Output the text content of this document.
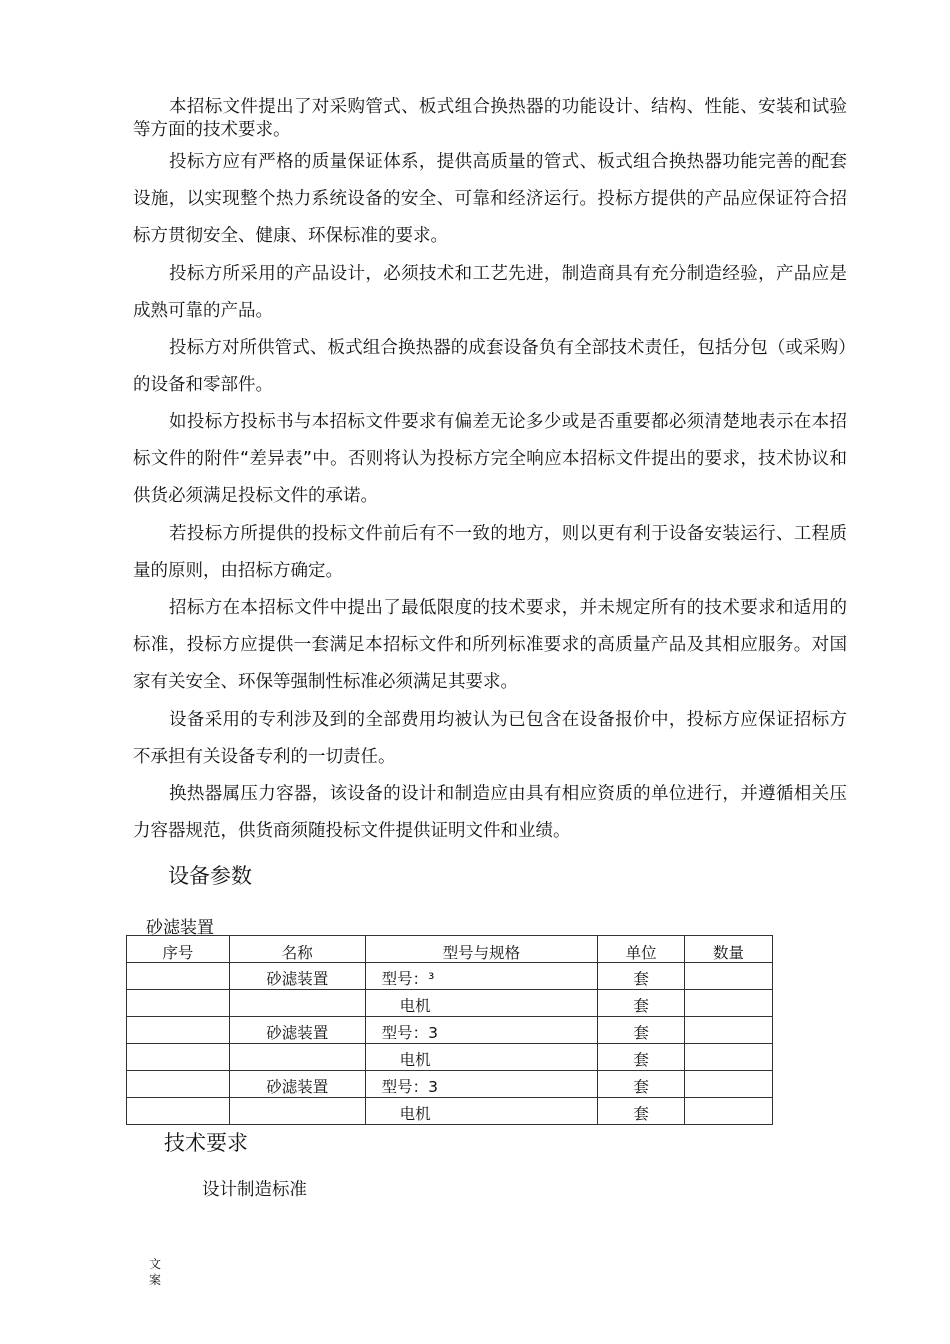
本招标文件提出了对采购管式、板式组合换热器的功能设计、结构、性能、安装和试验等方面的技术要求。

投标方应有严格的质量保证体系，提供高质量的管式、板式组合换热器功能完善的配套设施，以实现整个热力系统设备的安全、可靠和经济运行。投标方提供的产品应保证符合招标方贯彻安全、健康、环保标准的要求。

投标方所采用的产品设计，必须技术和工艺先进，制造商具有充分制造经验，产品应是成熟可靠的产品。

投标方对所供管式、板式组合换热器的成套设备负有全部技术责任，包括分包（或采购）的设备和零部件。

如投标方投标书与本招标文件要求有偏差无论多少或是否重要都必须清楚地表示在本招标文件的附件“差异表”中。否则将认为投标方完全响应本招标文件提出的要求，技术协议和供货必须满足投标文件的承诺。

若投标方所提供的投标文件前后有不一致的地方，则以更有利于设备安装运行、工程质量的原则，由招标方确定。

招标方在本招标文件中提出了最低限度的技术要求，并未规定所有的技术要求和适用的标准，投标方应提供一套满足本招标文件和所列标准要求的高质量产品及其相应服务。对国家有关安全、环保等强制性标准必须满足其要求。

设备采用的专利涉及到的全部费用均被认为已包含在设备报价中，投标方应保证招标方不承担有关设备专利的一切责任。

换热器属压力容器，该设备的设计和制造应由具有相应资质的单位进行，并遵循相关压力容器规范，供货商须随投标文件提供证明文件和业绩。

设备参数
砂滤装置
序号	名称	型号与规格	单位	数量
	砂滤装置	型号：³	套	
		电机	套	
	砂滤装置	型号：3	套	
		电机	套	
	砂滤装置	型号：3	套	
		电机	套	
技术要求
设计制造标准
文案
